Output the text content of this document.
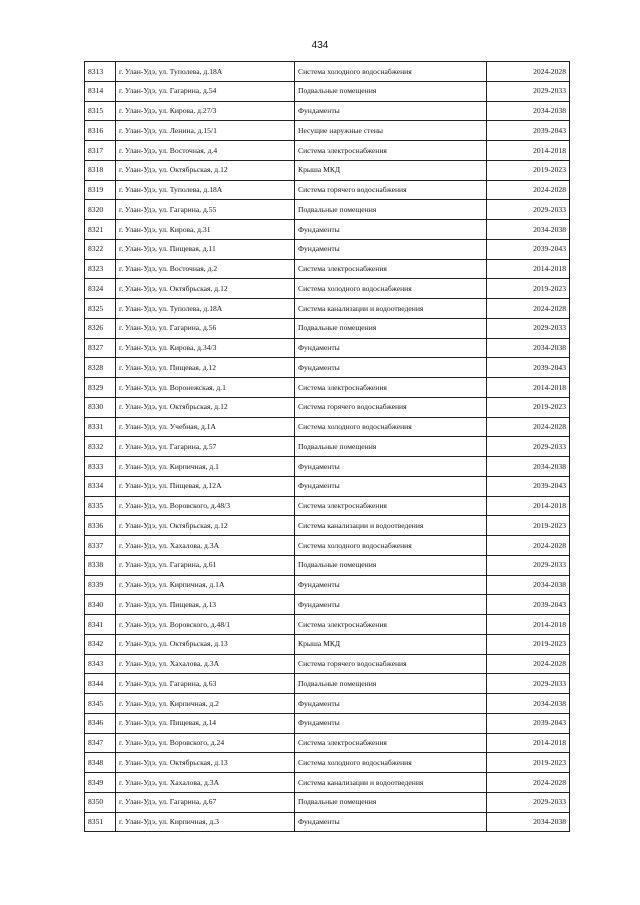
434
8313	г. Улан-Удэ, ул. Туполева, д.18А	Система холодного водоснабжения	2024-2028
8314	г. Улан-Удэ, ул. Гагарина, д.54	Подвальные помещения	2029-2033
8315	г. Улан-Удэ, ул. Кирова, д.27/3	Фундаменты	2034-2038
8316	г. Улан-Удэ, ул. Ленина, д.15/1	Несущие наружные стены	2039-2043
8317	г. Улан-Удэ, ул. Восточная, д.4	Система электроснабжения	2014-2018
8318	г. Улан-Удэ, ул. Октябрьская, д.12	Крыша МКД	2019-2023
8319	г. Улан-Удэ, ул. Туполева, д.18А	Система горячего водоснабжения	2024-2028
8320	г. Улан-Удэ, ул. Гагарина, д.55	Подвальные помещения	2029-2033
8321	г. Улан-Удэ, ул. Кирова, д.31	Фундаменты	2034-2038
8322	г. Улан-Удэ, ул. Пищевая, д.11	Фундаменты	2039-2043
8323	г. Улан-Удэ, ул. Восточная, д.2	Система электроснабжения	2014-2018
8324	г. Улан-Удэ, ул. Октябрьская, д.12	Система холодного водоснабжения	2019-2023
8325	г. Улан-Удэ, ул. Туполева, д.18А	Система канализации и водоотведения	2024-2028
8326	г. Улан-Удэ, ул. Гагарина, д.56	Подвальные помещения	2029-2033
8327	г. Улан-Удэ, ул. Кирова, д.34/3	Фундаменты	2034-2038
8328	г. Улан-Удэ, ул. Пищевая, д.12	Фундаменты	2039-2043
8329	г. Улан-Удэ, ул. Воронежская, д.1	Система электроснабжения	2014-2018
8330	г. Улан-Удэ, ул. Октябрьская, д.12	Система горячего водоснабжения	2019-2023
8331	г. Улан-Удэ, ул. Учебная, д.1А	Система холодного водоснабжения	2024-2028
8332	г. Улан-Удэ, ул. Гагарина, д.57	Подвальные помещения	2029-2033
8333	г. Улан-Удэ, ул. Кирпичная, д.1	Фундаменты	2034-2038
8334	г. Улан-Удэ, ул. Пищевая, д.12А	Фундаменты	2039-2043
8335	г. Улан-Удэ, ул. Воровского, д.48/3	Система электроснабжения	2014-2018
8336	г. Улан-Удэ, ул. Октябрьская, д.12	Система канализации и водоотведения	2019-2023
8337	г. Улан-Удэ, ул. Хахалова, д.3А	Система холодного водоснабжения	2024-2028
8338	г. Улан-Удэ, ул. Гагарина, д.61	Подвальные помещения	2029-2033
8339	г. Улан-Удэ, ул. Кирпичная, д.1А	Фундаменты	2034-2038
8340	г. Улан-Удэ, ул. Пищевая, д.13	Фундаменты	2039-2043
8341	г. Улан-Удэ, ул. Воровского, д.48/1	Система электроснабжения	2014-2018
8342	г. Улан-Удэ, ул. Октябрьская, д.13	Крыша МКД	2019-2023
8343	г. Улан-Удэ, ул. Хахалова, д.3А	Система горячего водоснабжения	2024-2028
8344	г. Улан-Удэ, ул. Гагарина, д.63	Подвальные помещения	2029-2033
8345	г. Улан-Удэ, ул. Кирпичная, д.2	Фундаменты	2034-2038
8346	г. Улан-Удэ, ул. Пищевая, д.14	Фундаменты	2039-2043
8347	г. Улан-Удэ, ул. Воровского, д.24	Система электроснабжения	2014-2018
8348	г. Улан-Удэ, ул. Октябрьская, д.13	Система холодного водоснабжения	2019-2023
8349	г. Улан-Удэ, ул. Хахалова, д.3А	Система канализации и водоотведения	2024-2028
8350	г. Улан-Удэ, ул. Гагарина, д.67	Подвальные помещения	2029-2033
8351	г. Улан-Удэ, ул. Кирпичная, д.3	Фундаменты	2034-2038
